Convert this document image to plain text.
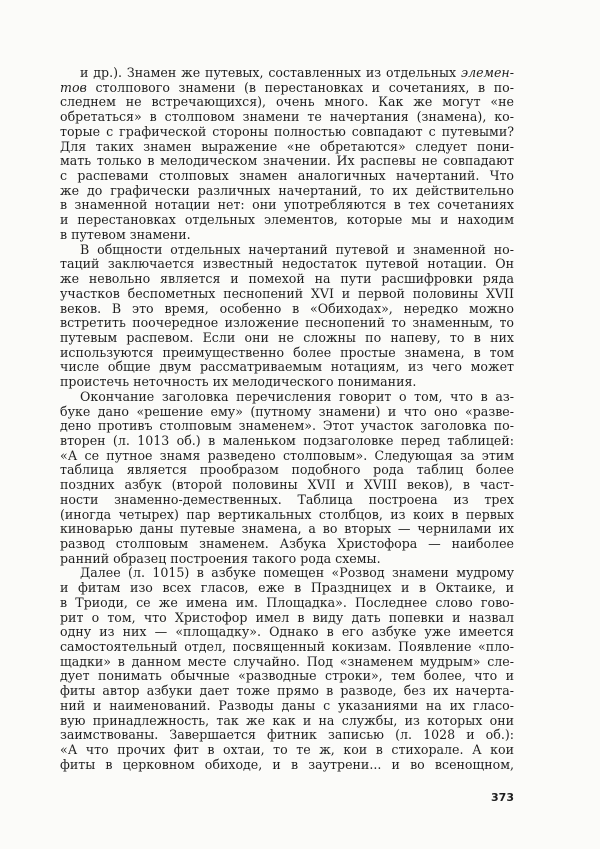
и др.). Знамен же путевых, составленных из отдельных элемен-
тов столпового знамени (в перестановках и сочетаниях, в по-
следнем не встречающихся), очень много. Как же могут «не
обретаться» в столповом знамени те начертания (знамена), ко-
торые с графической стороны полностью совпадают с путевыми?
Для таких знамен выражение «не обретаются» следует пони-
мать только в мелодическом значении. Их распевы не совпадают
с распевами столповых знамен аналогичных начертаний. Что
же до графически различных начертаний, то их действительно
в знаменной нотации нет: они употребляются в тех сочетаниях
и перестановках отдельных элементов, которые мы и находим
в путевом знамени.
В общности отдельных начертаний путевой и знаменной но-
таций заключается известный недостаток путевой нотации. Он
же невольно является и помехой на пути расшифровки ряда
участков беспометных песнопений XVI и первой половины XVII
веков. В это время, особенно в «Обиходах», нередко можно
встретить поочередное изложение песнопений то знаменным, то
путевым распевом. Если они не сложны по напеву, то в них
используются преимущественно более простые знамена, в том
числе общие двум рассматриваемым нотациям, из чего может
проистечь неточность их мелодического понимания.
Окончание заголовка перечисления говорит о том, что в аз-
буке дано «решение ему» (путному знамени) и что оно «разве-
дено противъ столповым знаменем». Этот участок заголовка по-
вторен (л. 1013 об.) в маленьком подзаголовке перед таблицей:
«А се путное знамя разведено столповым». Следующая за этим
таблица является прообразом подобного рода таблиц более
поздних азбук (второй половины XVII и XVIII веков), в част-
ности знаменно-демественных. Таблица построена из трех
(иногда четырех) пар вертикальных столбцов, из коих в первых
киноварью даны путевые знамена, а во вторых — чернилами их
развод столповым знаменем. Азбука Христофора — наиболее
ранний образец построения такого рода схемы.
Далее (л. 1015) в азбуке помещен «Розвод знамени мудрому
и фитам изо всех гласов, еже в Праздницех и в Октаике, и
в Триоди, се же имена им. Площадка». Последнее слово гово-
рит о том, что Христофор имел в виду дать попевки и назвал
одну из них — «площадку». Однако в его азбуке уже имеется
самостоятельный отдел, посвященный кокизам. Появление «пло-
щадки» в данном месте случайно. Под «знаменем мудрым» сле-
дует понимать обычные «разводные строки», тем более, что и
фиты автор азбуки дает тоже прямо в разводе, без их начерта-
ний и наименований. Разводы даны с указаниями на их гласо-
вую принадлежность, так же как и на службы, из которых они
заимствованы. Завершается фитник записью (л. 1028 и об.):
«А что прочих фит в охтаи, то те ж, кои в стихорале. А кои
фиты в церковном обиходе, и в заутрени... и во всенощном,
373
